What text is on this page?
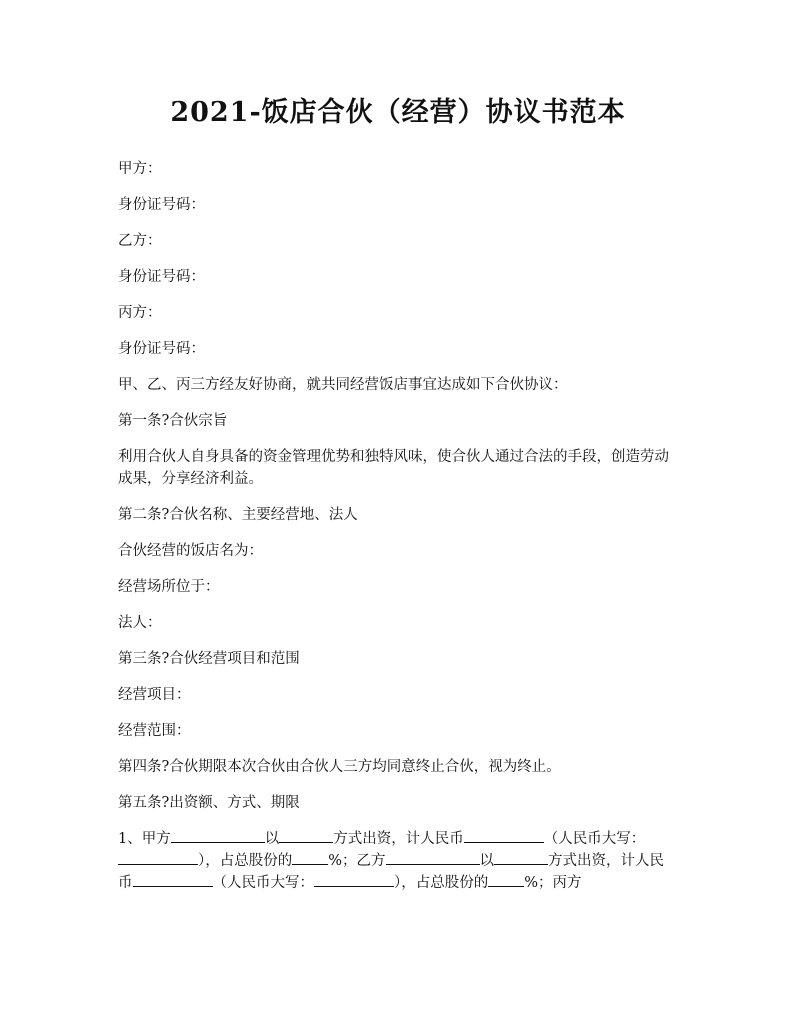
2021-饭店合伙（经营）协议书范本

甲方：

身份证号码：

乙方：

身份证号码：

丙方：

身份证号码：

甲、乙、丙三方经友好协商，就共同经营饭店事宜达成如下合伙协议：

第一条?合伙宗旨

利用合伙人自身具备的资金管理优势和独特风味，使合伙人通过合法的手段，创造劳动成果，分享经济利益。

第二条?合伙名称、主要经营地、法人

合伙经营的饭店名为：

经营场所位于：

法人：

第三条?合伙经营项目和范围

经营项目：

经营范围：

第四条?合伙期限本次合伙由合伙人三方均同意终止合伙，视为终止。

第五条?出资额、方式、期限

1、甲方	以	方式出资，计人民币	（人民币大写：
），占总股份的 %；乙方	以	方式出资，计人民
币	（人民币大写：	），占总股份的 %；丙方
